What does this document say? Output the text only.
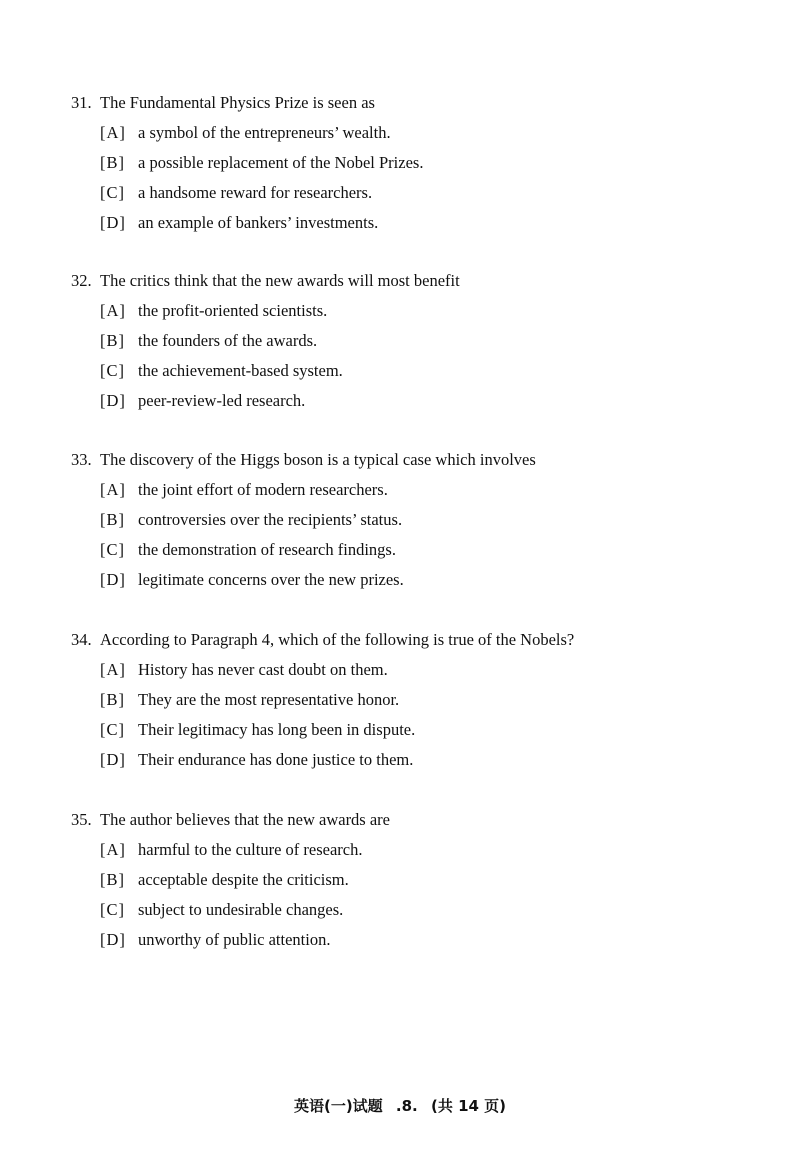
31. The Fundamental Physics Prize is seen as
[A] a symbol of the entrepreneurs’ wealth.
[B] a possible replacement of the Nobel Prizes.
[C] a handsome reward for researchers.
[D] an example of bankers’ investments.
32. The critics think that the new awards will most benefit
[A] the profit-oriented scientists.
[B] the founders of the awards.
[C] the achievement-based system.
[D] peer-review-led research.
33. The discovery of the Higgs boson is a typical case which involves
[A] the joint effort of modern researchers.
[B] controversies over the recipients’ status.
[C] the demonstration of research findings.
[D] legitimate concerns over the new prizes.
34. According to Paragraph 4, which of the following is true of the Nobels?
[A] History has never cast doubt on them.
[B] They are the most representative honor.
[C] Their legitimacy has long been in dispute.
[D] Their endurance has done justice to them.
35. The author believes that the new awards are
[A] harmful to the culture of research.
[B] acceptable despite the criticism.
[C] subject to undesirable changes.
[D] unworthy of public attention.
英语(一)试题 .8. (共 14 页)
